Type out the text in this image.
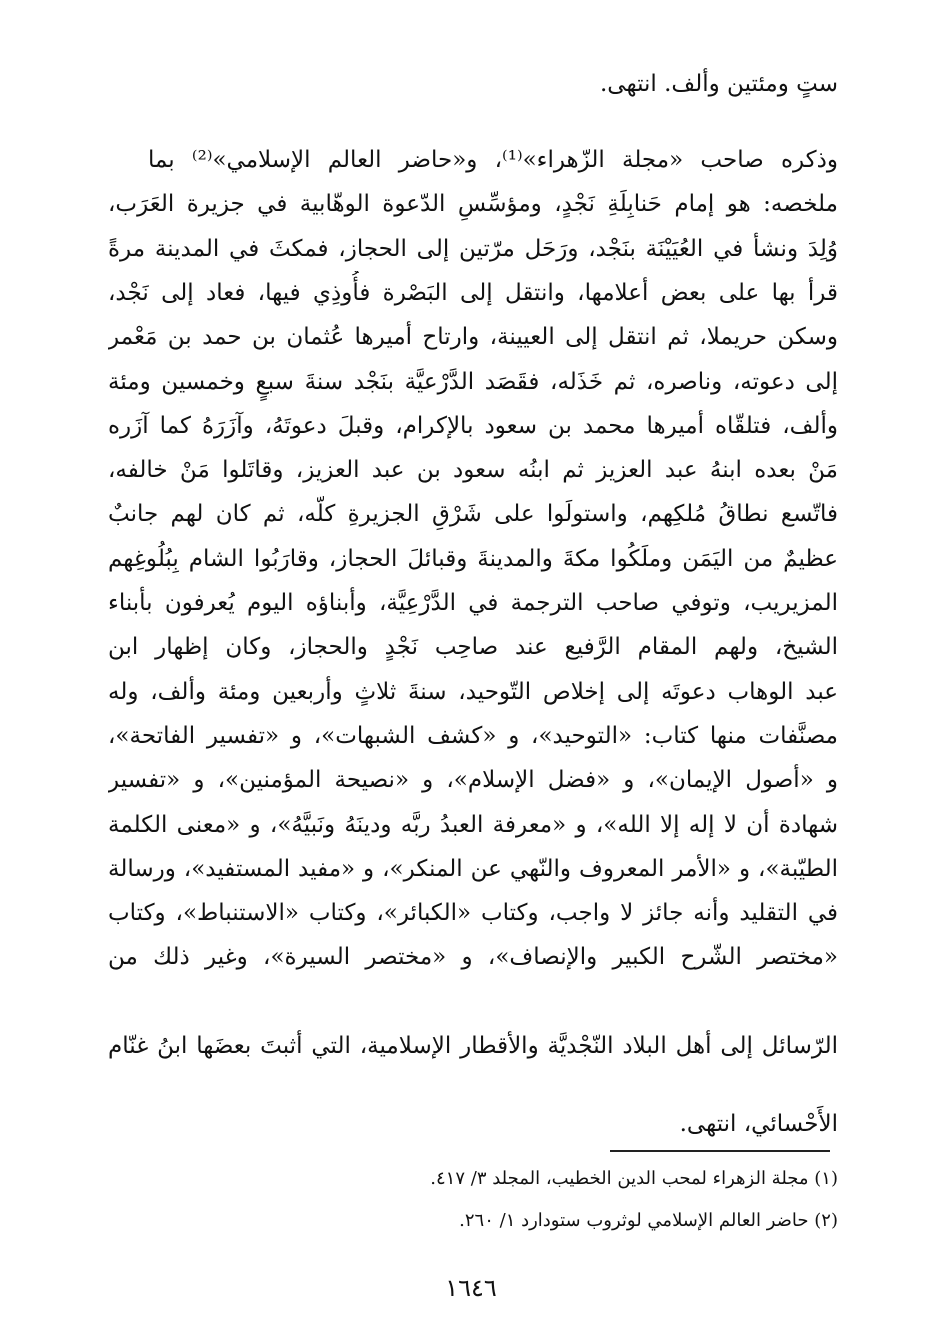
ستٍ ومئتين وألف. انتهى.
وذكره صاحب «مجلة الزّهراء»⁽¹⁾، و«حاضر العالم الإسلامي»⁽²⁾ بما
ملخصه: هو إمام حَنابِلَةِ نَجْدٍ، ومؤسِّسِ الدّعوة الوهّابية في جزيرة العَرَب،
وُلِدَ ونشأ في العُيَيْنَة بنَجْد، ورَحَل مرّتين إلى الحجاز، فمكثَ في المدينة مرةً
قرأ بها على بعض أعلامها، وانتقل إلى البَصْرة فأُوذِي فيها، فعاد إلى نَجْد،
وسكن حريملا، ثم انتقل إلى العيينة، وارتاح أميرها عُثمان بن حمد بن مَعْمر
إلى دعوته، وناصره، ثم خَذَله، فقَصَد الدَّرْعيَّة بنَجْد سنةَ سبعٍ وخمسين ومئة
وألف، فتلقّاه أميرها محمد بن سعود بالإكرام، وقبلَ دعوتَهُ، وآزَرَهُ كما آزَره
مَنْ بعده ابنهُ عبد العزيز ثم ابنُه سعود بن عبد العزيز، وقاتَلوا مَنْ خالفه،
فاتّسع نطاقُ مُلكِهم، واستولَوا على شَرْقِ الجزيرةِ كلّه، ثم كان لهم جانبٌ
عظيمٌ من اليَمَن وملَكُوا مكةَ والمدينةَ وقبائلَ الحجاز، وقارَبُوا الشام بِبُلُوغِهم
المزيريب، وتوفي صاحب الترجمة في الدَّرْعِيَّة، وأبناؤه اليوم يُعرفون بأبناء
الشيخ، ولهم المقام الرَّفيع عند صاحِب نَجْدٍ والحجاز، وكان إظهار ابن
عبد الوهاب دعوتَه إلى إخلاص التّوحيد، سنةَ ثلاثٍ وأربعين ومئة وألف، وله
مصنَّفات منها كتاب: «التوحيد»، و «كشف الشبهات»، و «تفسير الفاتحة»،
و «أصول الإيمان»، و «فضل الإسلام»، و «نصيحة المؤمنين»، و «تفسير
شهادة أن لا إله إلا الله»، و «معرفة العبدُ ربَّه ودينَهُ ونَبيَّهُ»، و «معنى الكلمة
الطيّبة»، و «الأمر المعروف والنّهي عن المنكر»، و «مفيد المستفيد»، ورسالة
في التقليد وأنه جائز لا واجب، وكتاب «الكبائر»، وكتاب «الاستنباط»، وكتاب
«مختصر الشّرح الكبير والإنصاف»، و «مختصر السيرة»، وغير ذلك من
الرّسائل إلى أهل البلاد النّجْديَّة والأقطار الإسلامية، التي أثبتَ بعضَها ابنُ غنّام
الأَحْسائي، انتهى.
(١) مجلة الزهراء لمحب الدين الخطيب، المجلد ٣/ ٤١٧.
(٢) حاضر العالم الإسلامي لوثروب ستودارد ١/ ٢٦٠.
١٦٤٦
